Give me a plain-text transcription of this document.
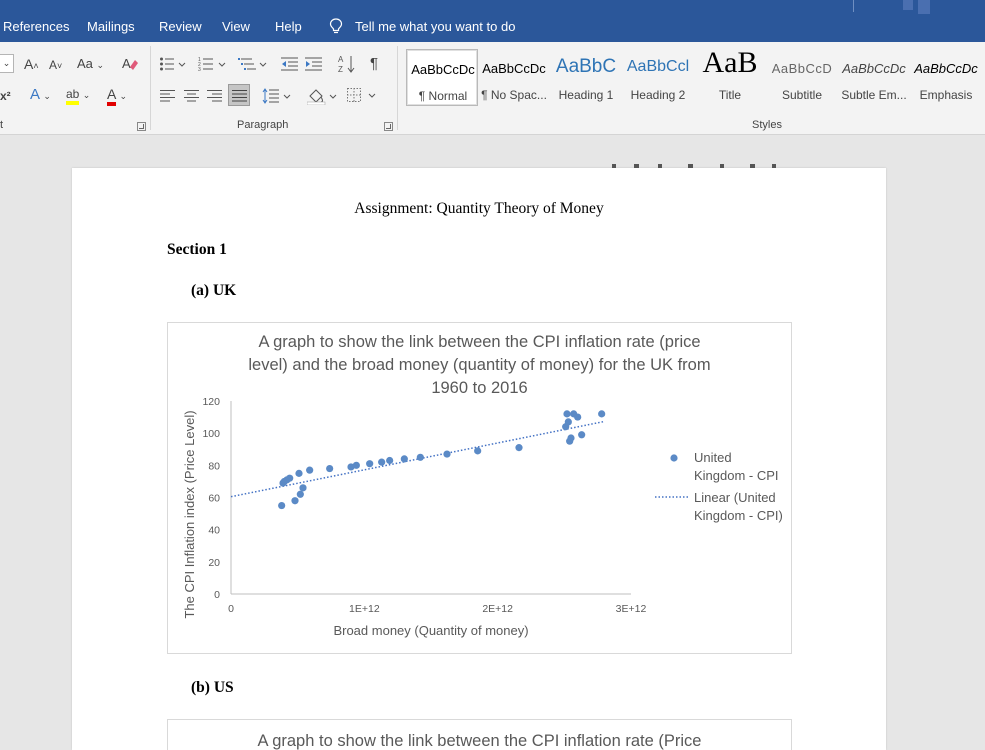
References Mailings Review View Help	Tell me what you want to do
⌄ A˄ A˅ Aa ⌄ A
x² A ⌄ ab ⌄ A ⌄
t
1
2
3
A
Z ¶
Paragraph
AaBbCcDc
¶ Normal
AaBbCcDc
¶ No Spac...
AaBbC
Heading 1
AaBbCcl
Heading 2
AaB
Title
AaBbCcD
Subtitle
AaBbCcDc
Subtle Em...
AaBbCcDc
Emphasis
Styles
Assignment: Quantity Theory of Money
Section 1
(a) UK
A graph to show the link between the CPI inflation rate (price
level) and the broad money (quantity of money) for the UK from
1960 to 2016
0
20
40
60
80
100
120
0	1E+12	2E+12	3E+12
Broad money (Quantity of money)
The CPI Inflation index (Price Level)	United
Kingdom - CPI
Linear (United
Kingdom - CPI)
(b) US
A graph to show the link between the CPI inflation rate (Price
